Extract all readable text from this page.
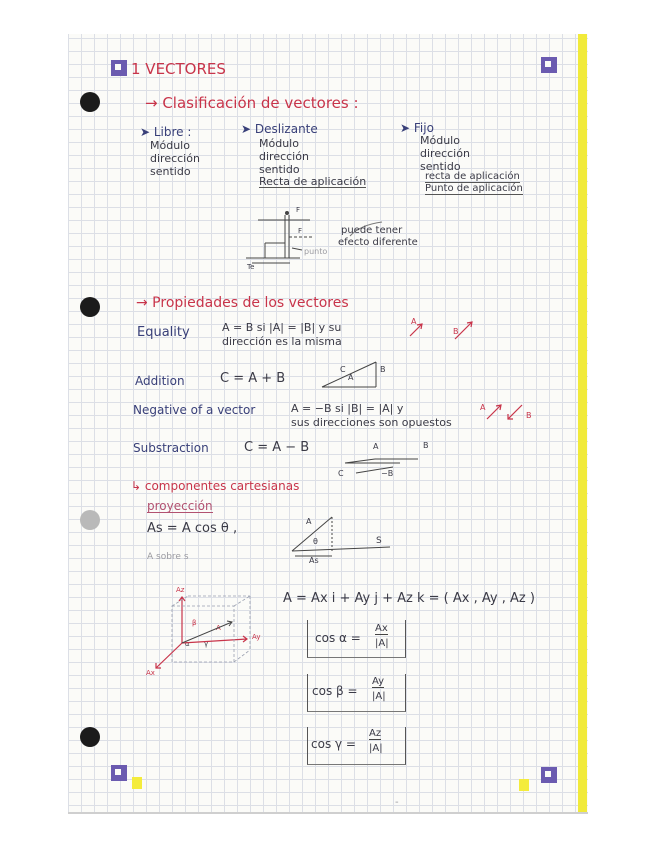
1 VECTORES
→ Clasificación de vectores :
➤ Libre :
Módulo
dirección
sentido
➤ Deslizante
Módulo
dirección
sentido
Recta de aplicación
➤ Fijo
Módulo
dirección
sentido
recta de aplicación
Punto de aplicación
F
F
punto
Te
puede tener
efecto diferente
→ Propiedades de los vectores
Equality	A = B si |A| = |B| y su
dirección es la misma
A
B
Addition	C = A + B
C
A
B
Negative of a vector	A = −B si |B| = |A| y
sus direcciones son opuestos
A
B
Substraction	C = A − B	A	B
C	−B
↳ componentes cartesianas
proyección
As = A cos θ ,
A sobre s
A
θ	S
As
Az
Ay
Ax
A
β
γ
α
A = Ax i + Ay j + Az k = ( Ax , Ay , Az )
cos α =
Ax
|A|
cos β =
Ay
|A|
cos γ =
Az
|A|
-
